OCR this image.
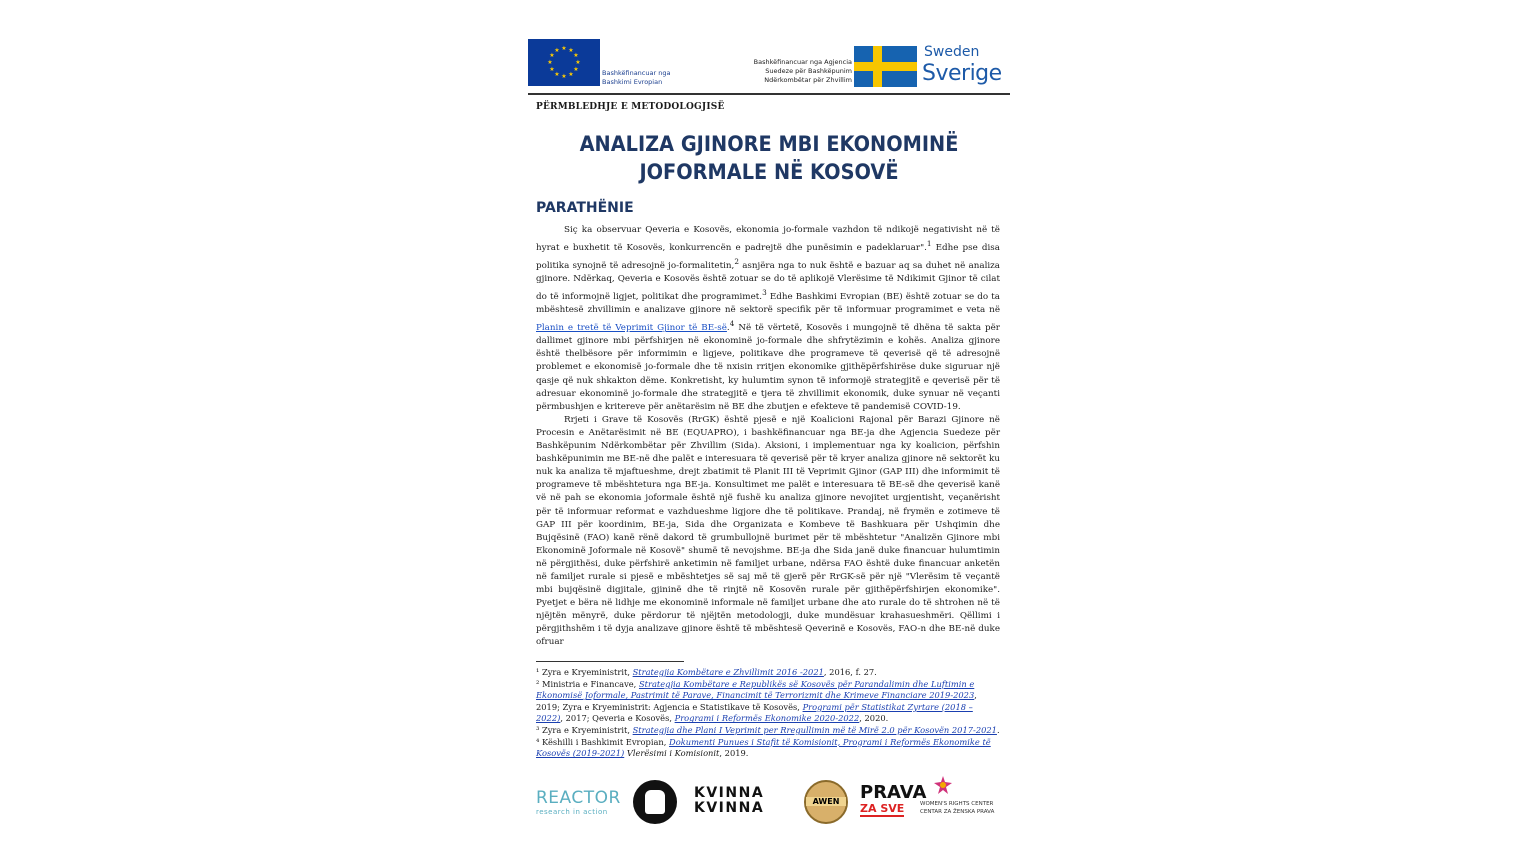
★ ★
★
★
★
★
★
★
★
★
★
★
Bashkëfinancuar nga
Bashkimi Evropian
Bashkëfinancuar nga Agjencia
Suedeze për Bashkëpunim
Ndërkombëtar për Zhvillim
Sweden
Sverige
PËRMBLEDHJE E METODOLOGJISË
ANALIZA GJINORE MBI EKONOMINË
JOFORMALE NË KOSOVË
PARATHËNIE

Siç ka observuar Qeveria e Kosovës, ekonomia jo-formale vazhdon të ndikojë negativisht në të hyrat e buxhetit të Kosovës, konkurrencën e padrejtë dhe punësimin e padeklaruar".$^1$ Edhe pse disa politika synojnë të adresojnë jo-formalitetin,$^2$ asnjëra nga to nuk është e bazuar aq sa duhet në analiza gjinore. Ndërkaq, Qeveria e Kosovës është zotuar se do të aplikojë Vlerësime të Ndikimit Gjinor të cilat do të informojnë ligjet, politikat dhe programimet.$^3$ Edhe Bashkimi Evropian (BE) është zotuar se do ta mbështesë zhvillimin e analizave gjinore në sektorë specifik për të informuar programimet e veta në Planin e tretë të Veprimit Gjinor të BE-së.$^4$ Në të vërtetë, Kosovës i mungojnë të dhëna të sakta për dallimet gjinore mbi përfshirjen në ekonominë jo-formale dhe shfrytëzimin e kohës. Analiza gjinore është thelbësore për informimin e ligjeve, politikave dhe programeve të qeverisë që të adresojnë problemet e ekonomisë jo-formale dhe të nxisin rritjen ekonomike gjithëpërfshirëse duke siguruar një qasje që nuk shkakton dëme. Konkretisht, ky hulumtim synon të informojë strategjitë e qeverisë për të adresuar ekonominë jo-formale dhe strategjitë e tjera të zhvillimit ekonomik, duke synuar në veçanti përmbushjen e kritereve për anëtarësim në BE dhe zbutjen e efekteve të pandemisë COVID-19.

Rrjeti i Grave të Kosovës (RrGK) është pjesë e një Koalicioni Rajonal për Barazi Gjinore në Procesin e Anëtarësimit në BE (EQUAPRO), i bashkëfinancuar nga BE-ja dhe Agjencia Suedeze për Bashkëpunim Ndërkombëtar për Zhvillim (Sida). Aksioni, i implementuar nga ky koalicion, përfshin bashkëpunimin me BE-në dhe palët e interesuara të qeverisë për të kryer analiza gjinore në sektorët ku nuk ka analiza të mjaftueshme, drejt zbatimit të Planit III të Veprimit Gjinor (GAP III) dhe informimit të programeve të mbështetura nga BE-ja. Konsultimet me palët e interesuara të BE-së dhe qeverisë kanë vë në pah se ekonomia joformale është një fushë ku analiza gjinore nevojitet urgjentisht, veçanërisht për të informuar reformat e vazhdueshme ligjore dhe të politikave. Prandaj, në frymën e zotimeve të GAP III për koordinim, BE-ja, Sida dhe Organizata e Kombeve të Bashkuara për Ushqimin dhe Bujqësinë (FAO) kanë rënë dakord të grumbullojnë burimet për të mbështetur "Analizën Gjinore mbi Ekonominë Joformale në Kosovë" shumë të nevojshme. BE-ja dhe Sida janë duke financuar hulumtimin në përgjithësi, duke përfshirë anketimin në familjet urbane, ndërsa FAO është duke financuar anketën në familjet rurale si pjesë e mbështetjes së saj më të gjerë për RrGK-së për një "Vlerësim të veçantë mbi bujqësinë digjitale, gjininë dhe të rinjtë në Kosovën rurale për gjithëpërfshirjen ekonomike". Pyetjet e bëra në lidhje me ekonominë informale në familjet urbane dhe ato rurale do të shtrohen në të njëjtën mënyrë, duke përdorur të njëjtën metodologji, duke mundësuar krahasueshmëri. Qëllimi i përgjithshëm i të dyja analizave gjinore është të mbështesë Qeverinë e Kosovës, FAO-n dhe BE-në duke ofruar

¹ Zyra e Kryeministrit, Strategjia Kombëtare e Zhvillimit 2016 -2021, 2016, f. 27.
² Ministria e Financave, Strategjia Kombëtare e Republikës së Kosovës për Parandalimin dhe Luftimin e Ekonomisë Joformale, Pastrimit të Parave, Financimit të Terrorizmit dhe Krimeve Financiare 2019-2023, 2019; Zyra e Kryeministrit: Agjencia e Statistikave të Kosovës, Programi për Statistikat Zyrtare (2018 – 2022), 2017; Qeveria e Kosovës, Programi i Reformës Ekonomike 2020-2022, 2020.
³ Zyra e Kryeministrit, Strategjia dhe Plani I Veprimit per Rregullimin më të Mirë 2.0 për Kosovën 2017-2021.
⁴ Këshilli i Bashkimit Evropian, Dokumenti Punues i Stafit të Komisionit, Programi i Reformës Ekonomike të Kosovës (2019-2021) Vlerësimi i Komisionit, 2019.
REACTOR
research in action
KVINNA
KVINNA	AWEN	PRAVA
ZA SVE	WOMEN'S RIGHTS CENTER
CENTAR ZA ŽENSKA PRAVA
